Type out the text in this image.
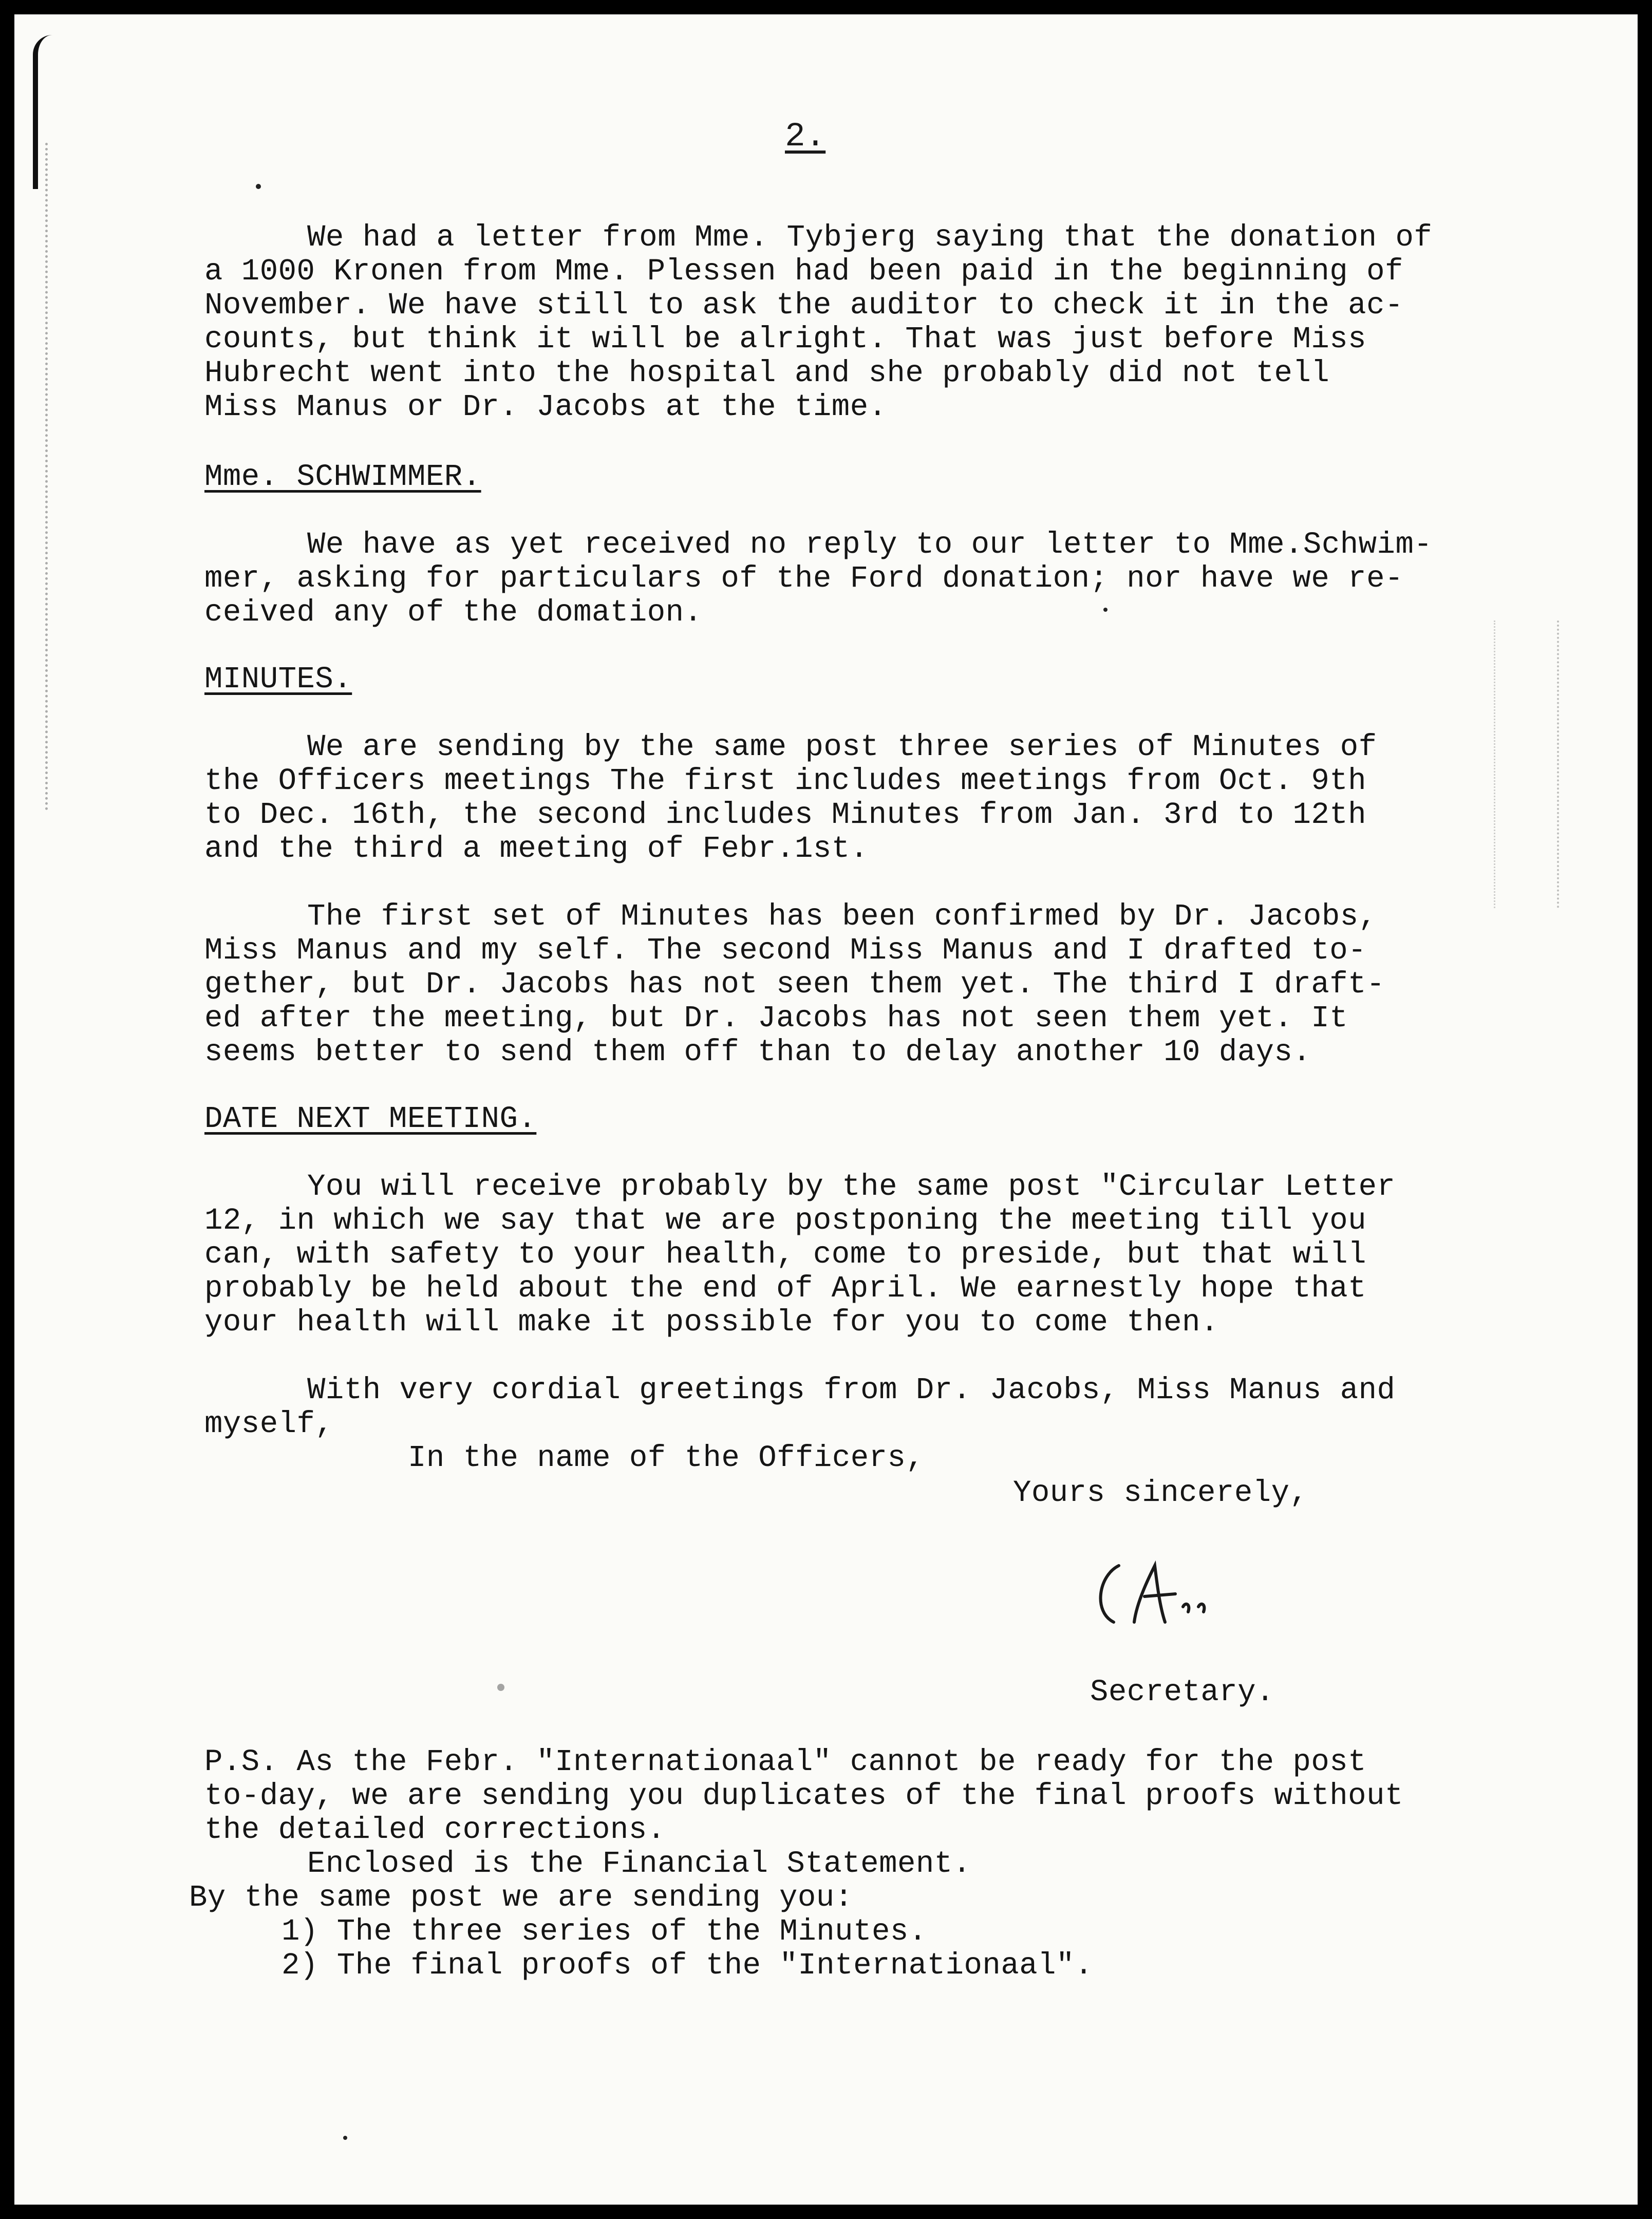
2.
We had a letter from Mme. Tybjerg saying that the donation of
a 1000 Kronen from Mme. Plessen had been paid in the beginning of
November. We have still to ask the auditor to check it in the ac-
counts, but think it will be alright. That was just before Miss
Hubrecht went into the hospital and she probably did not tell
Miss Manus or Dr. Jacobs at the time.
Mme. SCHWIMMER.
We have as yet received no reply to our letter to Mme.Schwim-
mer, asking for particulars of the Ford donation; nor have we re-
ceived any of the domation.
MINUTES.
We are sending by the same post three series of Minutes of
the Officers meetings The first includes meetings from Oct. 9th
to Dec. 16th, the second includes Minutes from Jan. 3rd to 12th
and the third a meeting of Febr.1st.
The first set of Minutes has been confirmed by Dr. Jacobs,
Miss Manus and my self. The second Miss Manus and I drafted to-
gether, but Dr. Jacobs has not seen them yet. The third I draft-
ed after the meeting, but Dr. Jacobs has not seen them yet. It
seems better to send them off than to delay another 10 days.
DATE NEXT MEETING.
You will receive probably by the same post "Circular Letter
12, in which we say that we are postponing the meeting till you
can, with safety to your health, come to preside, but that will
probably be held about the end of April. We earnestly hope that
your health will make it possible for you to come then.
With very cordial greetings from Dr. Jacobs, Miss Manus and
myself,
In the name of the Officers,
Yours sincerely,
Secretary.
P.S. As the Febr. "Internationaal" cannot be ready for the post
to-day, we are sending you duplicates of the final proofs without
the detailed corrections.
Enclosed is the Financial Statement.
By the same post we are sending you:
1) The three series of the Minutes.
2) The final proofs of the "Internationaal".
